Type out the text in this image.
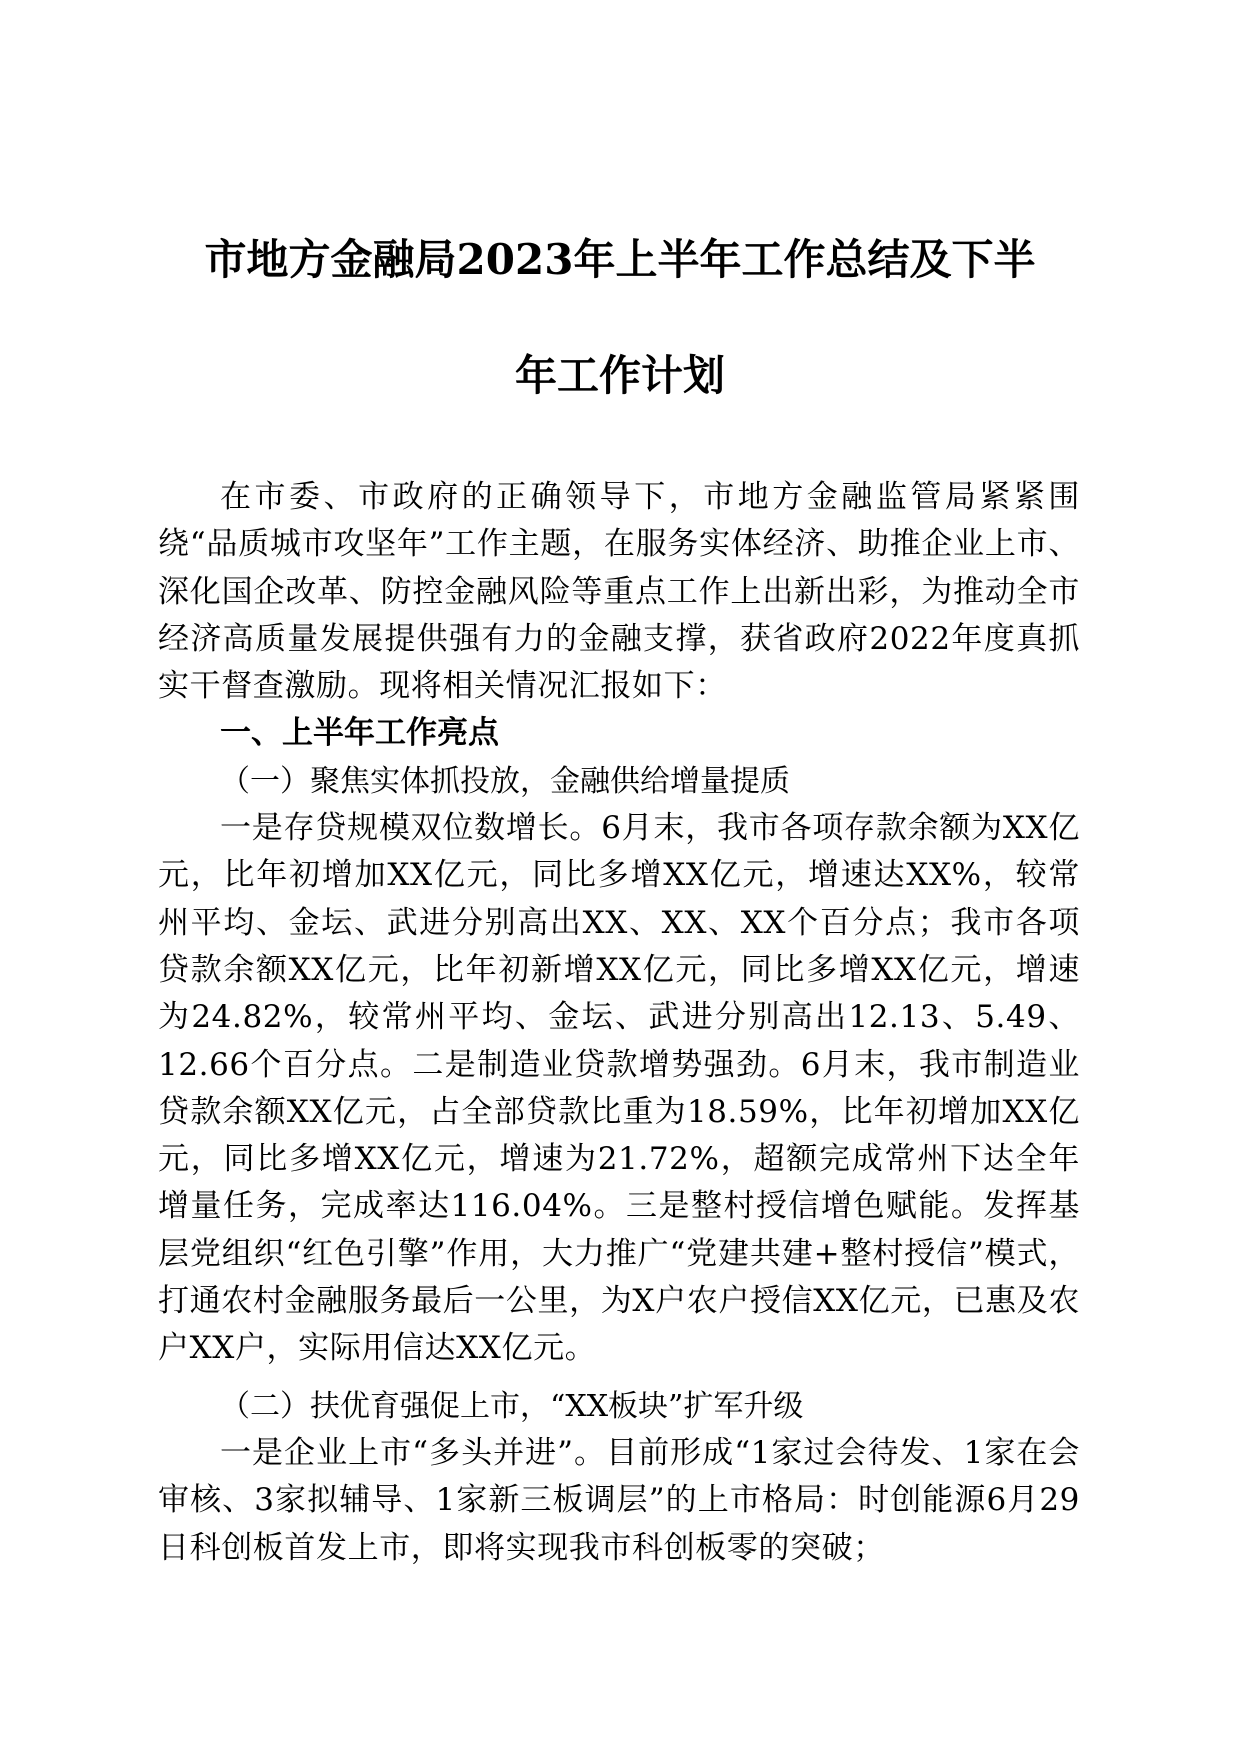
市地方金融局2023年上半年工作总结及下半
年工作计划

在市委、市政府的正确领导下，市地方金融监管局紧紧围绕“品质城市攻坚年”工作主题，在服务实体经济、助推企业上市、深化国企改革、防控金融风险等重点工作上出新出彩，为推动全市经济高质量发展提供强有力的金融支撑，获省政府2022年度真抓实干督查激励。现将相关情况汇报如下：

一、上半年工作亮点

（一）聚焦实体抓投放，金融供给增量提质

一是存贷规模双位数增长。6月末，我市各项存款余额为XX亿元，比年初增加XX亿元，同比多增XX亿元，增速达XX%，较常州平均、金坛、武进分别高出XX、XX、XX个百分点；我市各项贷款余额XX亿元，比年初新增XX亿元，同比多增XX亿元，增速为24.82%，较常州平均、金坛、武进分别高出12.13、5.49、12.66个百分点。二是制造业贷款增势强劲。6月末，我市制造业贷款余额XX亿元，占全部贷款比重为18.59%，比年初增加XX亿元，同比多增XX亿元，增速为21.72%，超额完成常州下达全年增量任务，完成率达116.04%。三是整村授信增色赋能。发挥基层党组织“红色引擎”作用，大力推广“党建共建+整村授信”模式，打通农村金融服务最后一公里，为X户农户授信XX亿元，已惠及农户XX户，实际用信达XX亿元。

（二）扶优育强促上市，“XX板块”扩军升级

一是企业上市“多头并进”。目前形成“1家过会待发、1家在会审核、3家拟辅导、1家新三板调层”的上市格局：时创能源6月29日科创板首发上市，即将实现我市科创板零的突破；
